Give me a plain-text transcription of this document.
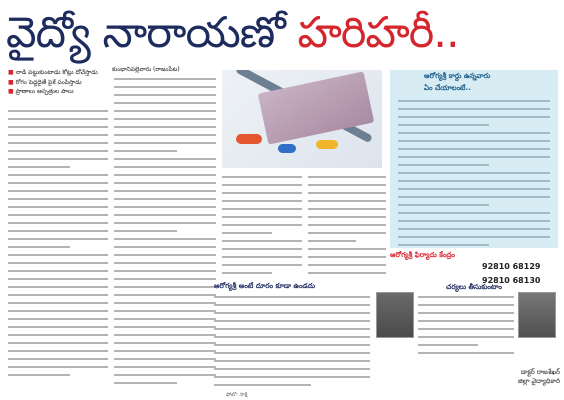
వైద్యో నారాయణో హరిహరీ..
■ నాడి పట్టుకుంటాడు కోట్లు దోచేస్తాడు
■ రోగం పెద్దదైతే పైకే పంపిస్తాడు
■ ప్రాణాలు ఆస్పత్రుల పాలు
కుంభానిపల్లెవారు (రాజంపేట)
ఆరోగ్యశ్రీ కార్డు ఉన్నవారు
ఏం చేయాలంటే..
ఆరోగ్యశ్రీ ఫిర్యాదు కేంద్రం
92810 68129
92810 68130
ఆరోగ్యశ్రీ అంటే దూరం కూడా ఉండదు	చర్యలు తీసుకుంటాం
డాక్టర్ రాజశేఖర్
జిల్లా వైద్యాధికారి
ఫోటో: సాక్షి
